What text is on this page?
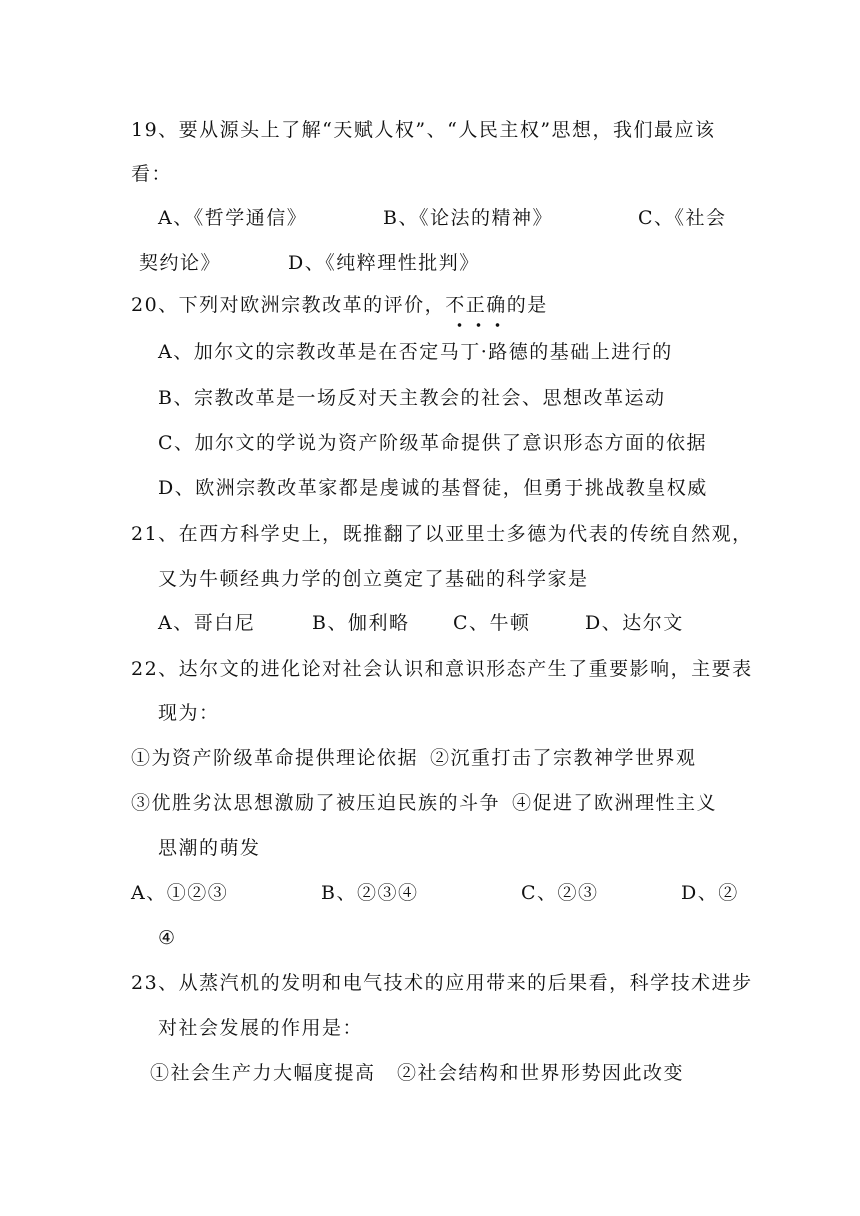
19、要从源头上了解“天赋人权”、“人民主权”思想，我们最应该
看：
A、《哲学通信》	B、《论法的精神》	C、《社会
契约论》	D、《纯粹理性批判》
20、下列对欧洲宗教改革的评价，不正确的是
A、加尔文的宗教改革是在否定马丁·路德的基础上进行的
B、宗教改革是一场反对天主教会的社会、思想改革运动
C、加尔文的学说为资产阶级革命提供了意识形态方面的依据
D、欧洲宗教改革家都是虔诚的基督徒，但勇于挑战教皇权威
21、在西方科学史上，既推翻了以亚里士多德为代表的传统自然观，
又为牛顿经典力学的创立奠定了基础的科学家是
A、哥白尼	B、伽利略 C、牛顿	D、达尔文
22、达尔文的进化论对社会认识和意识形态产生了重要影响，主要表
现为：
①为资产阶级革命提供理论依据 ②沉重打击了宗教神学世界观
③优胜劣汰思想激励了被压迫民族的斗争 ④促进了欧洲理性主义
思潮的萌发
A、①②③	B、②③④	C、②③	D、②
④
23、从蒸汽机的发明和电气技术的应用带来的后果看，科学技术进步
对社会发展的作用是：
①社会生产力大幅度提高 ②社会结构和世界形势因此改变
